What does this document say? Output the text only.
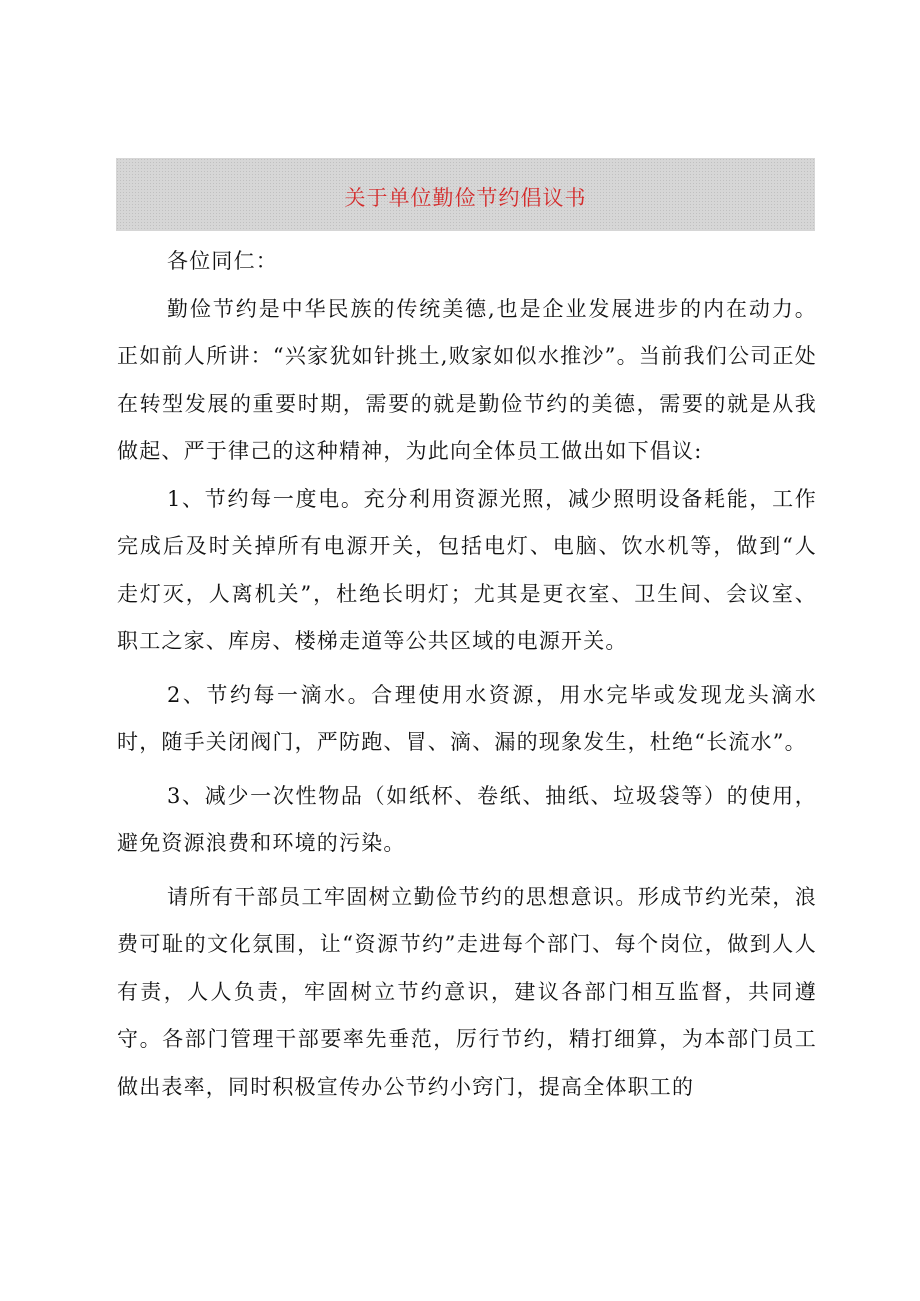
关于单位勤俭节约倡议书

各位同仁：

勤俭节约是中华民族的传统美德,也是企业发展进步的内在动力。正如前人所讲：“兴家犹如针挑土,败家如似水推沙”。当前我们公司正处在转型发展的重要时期，需要的就是勤俭节约的美德，需要的就是从我做起、严于律己的这种精神，为此向全体员工做出如下倡议:

1、节约每一度电。充分利用资源光照，减少照明设备耗能，工作完成后及时关掉所有电源开关，包括电灯、电脑、饮水机等，做到“人走灯灭，人离机关”，杜绝长明灯；尤其是更衣室、卫生间、会议室、职工之家、库房、楼梯走道等公共区域的电源开关。

2、节约每一滴水。合理使用水资源，用水完毕或发现龙头滴水时，随手关闭阀门，严防跑、冒、滴、漏的现象发生，杜绝“长流水”。

3、减少一次性物品（如纸杯、卷纸、抽纸、垃圾袋等）的使用，避免资源浪费和环境的污染。

请所有干部员工牢固树立勤俭节约的思想意识。形成节约光荣，浪费可耻的文化氛围，让“资源节约”走进每个部门、每个岗位，做到人人有责，人人负责，牢固树立节约意识，建议各部门相互监督，共同遵守。各部门管理干部要率先垂范，厉行节约，精打细算，为本部门员工做出表率，同时积极宣传办公节约小窍门，提高全体职工的
